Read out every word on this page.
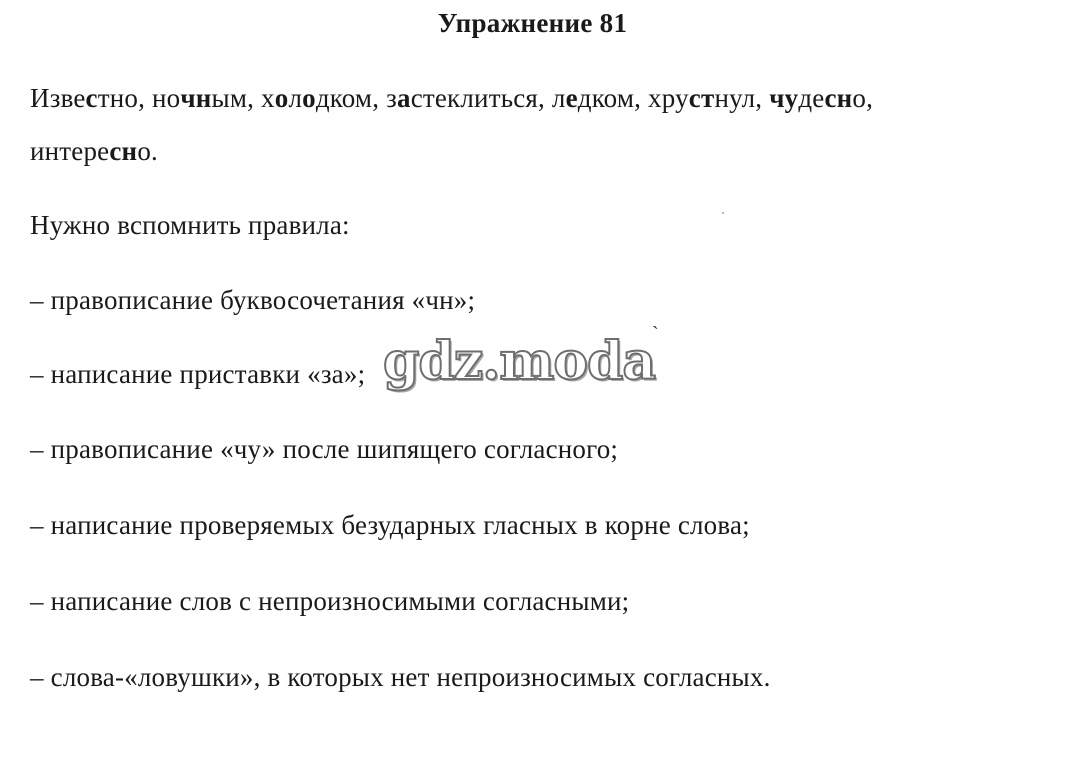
Упражнение 81
Известно, ночным, холодком, застеклиться, ледком, хрустнул, чудесно,
интересно.
Нужно вспомнить правила:
– правописание буквосочетания «чн»;
– написание приставки «за»;
– правописание «чу» после шипящего согласного;
– написание проверяемых безударных гласных в корне слова;
– написание слов с непроизносимыми согласными;
– слова-«ловушки», в которых нет непроизносимых согласных.
gdz.moda
`
